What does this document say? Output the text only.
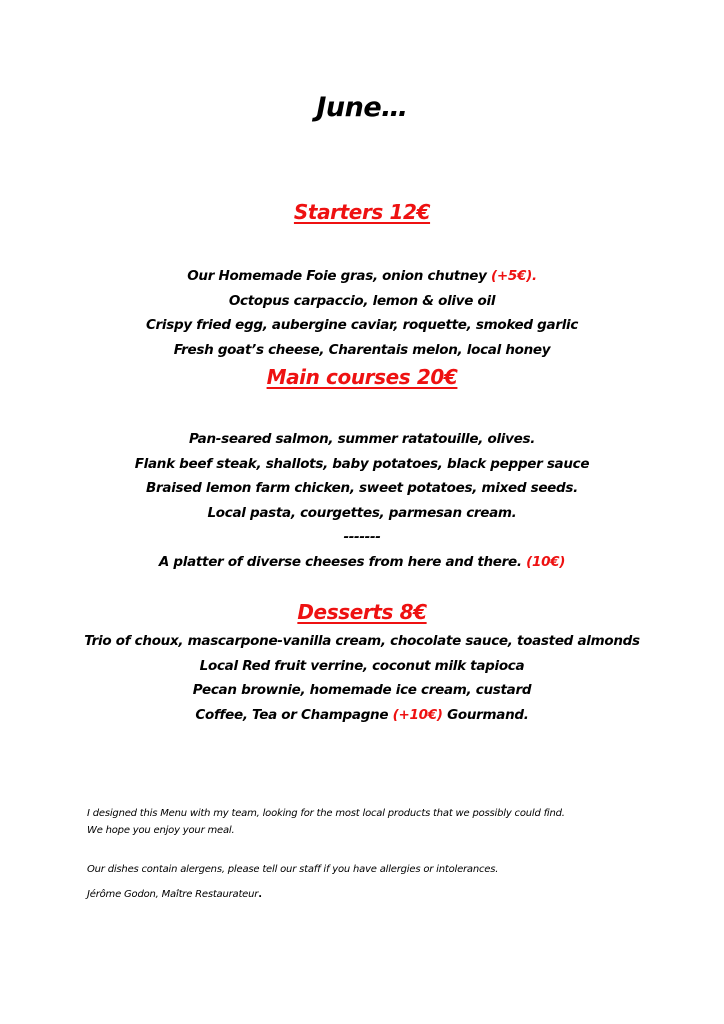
June…
Starters 12€
Our Homemade Foie gras, onion chutney (+5€).
Octopus carpaccio, lemon & olive oil
Crispy fried egg, aubergine caviar, roquette, smoked garlic
Fresh goat’s cheese, Charentais melon, local honey
Main courses 20€
Pan-seared salmon, summer ratatouille, olives.
Flank beef steak, shallots, baby potatoes, black pepper sauce
Braised lemon farm chicken, sweet potatoes, mixed seeds.
Local pasta, courgettes, parmesan cream.
-------
A platter of diverse cheeses from here and there. (10€)
Desserts 8€
Trio of choux, mascarpone-vanilla cream, chocolate sauce, toasted almonds
Local Red fruit verrine, coconut milk tapioca
Pecan brownie, homemade ice cream, custard
Coffee, Tea or Champagne (+10€) Gourmand.
I designed this Menu with my team, looking for the most local products that we possibly could find.
We hope you enjoy your meal.
Our dishes contain alergens, please tell our staff if you have allergies or intolerances.
Jérôme Godon, Maître Restaurateur.
